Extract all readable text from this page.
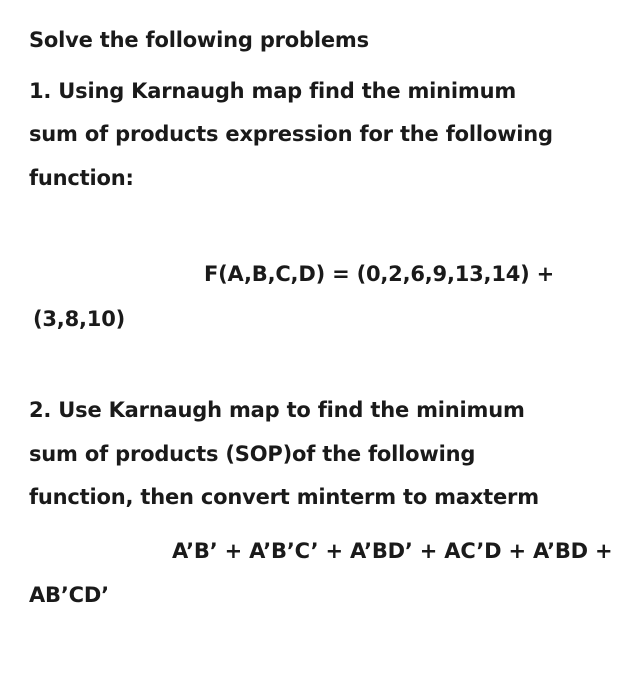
Solve the following problems
1. Using Karnaugh map find the minimum
sum of products expression for the following
function:
F(A,B,C,D) = (0,2,6,9,13,14) +
(3,8,10)
2. Use Karnaugh map to find the minimum
sum of products (SOP)of the following
function, then convert minterm to maxterm
A’B’ + A’B’C’ + A’BD’ + AC’D + A’BD +
AB’CD’
